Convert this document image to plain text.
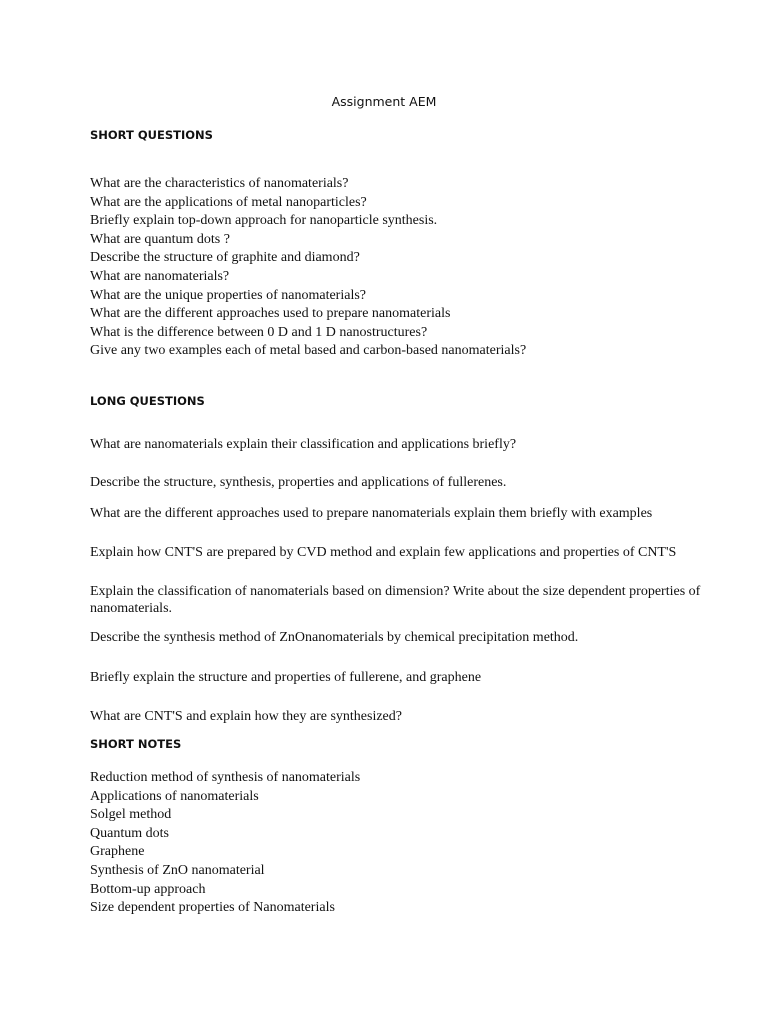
Assignment AEM
SHORT QUESTIONS
What are the characteristics of nanomaterials?
What are the applications of metal nanoparticles?
Briefly explain top-down approach for nanoparticle synthesis.
What are quantum dots ?
Describe the structure of graphite and diamond?
What are nanomaterials?
What are the unique properties of nanomaterials?
What are the different approaches used to prepare nanomaterials
What is the difference between 0 D and 1 D nanostructures?
Give any two examples each of metal based and carbon-based nanomaterials?
LONG QUESTIONS
What are nanomaterials explain their classification and applications briefly?
Describe the structure, synthesis, properties and applications of fullerenes.
What are the different approaches used to prepare nanomaterials explain them briefly with examples
Explain how CNT'S are prepared by CVD method and explain few applications and properties of CNT'S
Explain the classification of nanomaterials based on dimension? Write about the size dependent properties of nanomaterials.
Describe the synthesis method of ZnOnanomaterials by chemical precipitation method.
Briefly explain the structure and properties of fullerene, and graphene
What are CNT'S and explain how they are synthesized?
SHORT NOTES
Reduction method of synthesis of nanomaterials
Applications of nanomaterials
Solgel method
Quantum dots
Graphene
Synthesis of ZnO nanomaterial
Bottom-up approach
Size dependent properties of Nanomaterials
